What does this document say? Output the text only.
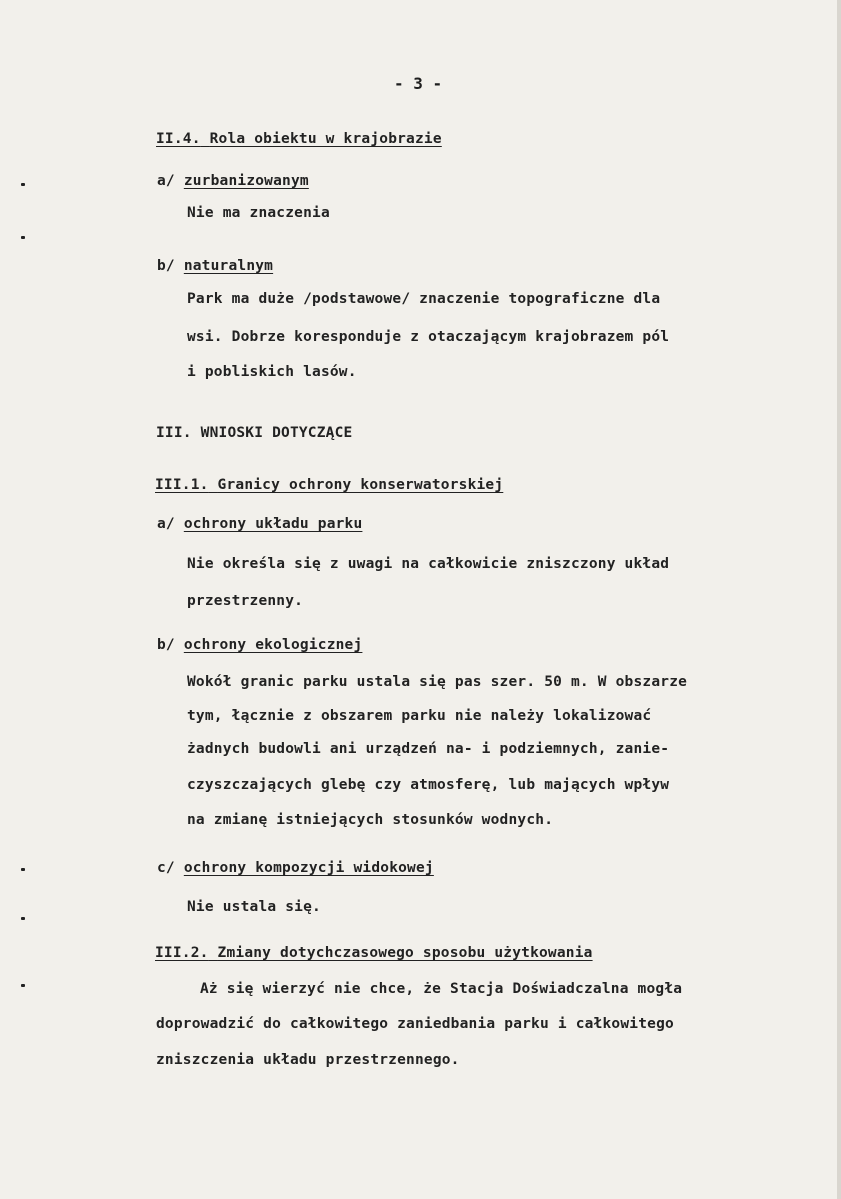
- 3 -
II.4. Rola obiektu w krajobrazie
a/ zurbanizowanym
Nie ma znaczenia
b/ naturalnym
Park ma duże /podstawowe/ znaczenie topograficzne dla
wsi. Dobrze koresponduje z otaczającym krajobrazem pól
i pobliskich lasów.
III. WNIOSKI DOTYCZĄCE
III.1. Granicy ochrony konserwatorskiej
a/ ochrony układu parku
Nie określa się z uwagi na całkowicie zniszczony układ
przestrzenny.
b/ ochrony ekologicznej
Wokół granic parku ustala się pas szer. 50 m. W obszarze
tym, łącznie z obszarem parku nie należy lokalizować
żadnych budowli ani urządzeń na- i podziemnych, zanie-
czyszczających glebę czy atmosferę, lub mających wpływ
na zmianę istniejących stosunków wodnych.
c/ ochrony kompozycji widokowej
Nie ustala się.
III.2. Zmiany dotychczasowego sposobu użytkowania
Aż się wierzyć nie chce, że Stacja Doświadczalna mogła
doprowadzić do całkowitego zaniedbania parku i całkowitego
zniszczenia układu przestrzennego.
